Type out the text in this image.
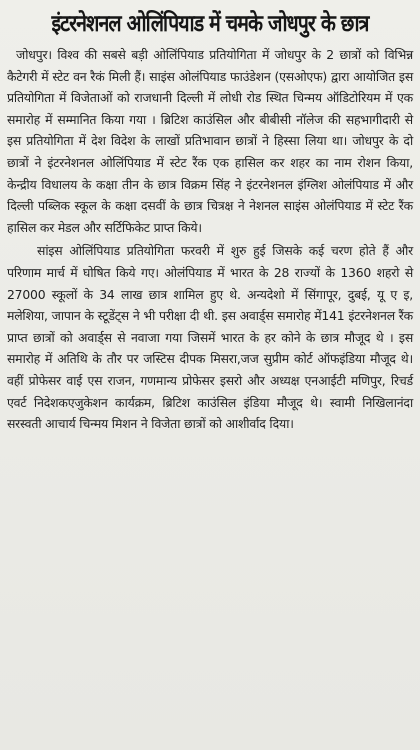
इंटरनेशनल ओलिंपियाड में चमके जोधपुर के छात्र

जोधपुर। विश्व की सबसे बड़ी ओलिंपियाड प्रतियोगिता में जोधपुर के 2 छात्रों को विभिन्न कैटेगरी में स्टेट वन रैकं मिली हैं। साइंस ओलंपियाड फाउंडेशन (एसओएफ) द्वारा आयोजित इस प्रतियोगिता में विजेताओं को राजधानी दिल्ली में लोधी रोड स्थित चिन्मय ऑडिटोरियम में एक समारोह में सम्मानित किया गया । ब्रिटिश काउंसिल और बीबीसी नॉलेज की सहभागीदारी से इस प्रतियोगिता में देश विदेश के लाखों प्रतिभावान छात्रों ने हिस्सा लिया था। जोधपुर के दो छात्रों ने इंटरनेशनल ओलिंपियाड में स्टेट रैंक एक हासिल कर शहर का नाम रोशन किया, केन्द्रीय विधालय के कक्षा तीन के छात्र विक्रम सिंह ने इंटरनेशनल इंग्लिश ओलंपियाड में और दिल्ली पब्लिक स्कूल के कक्षा दसवीं के छात्र चित्रक्ष ने नेशनल साइंस ओलंपियाड में स्टेट रैंक हासिल कर मेडल और सर्टिफिकेट प्राप्त किये।

सांइस ओलिंपियाड प्रतियोगिता फरवरी में शुरु हुई जिसके कई चरण होते हैं और परिणाम मार्च में घोषित किये गए। ओलंपियाड में भारत के 28 राज्यों के 1360 शहरो से 27000 स्कूलों के 34 लाख छात्र शामिल हुए थे. अन्यदेशो में सिंगापूर, दुबई, यू ए इ, मलेशिया, जापान के स्टूडेंट्स ने भी परीक्षा दी थी. इस अवार्ड्स समारोह में141 इंटरनेशनल रैंक प्राप्त छात्रों को अवार्ड्स से नवाजा गया जिसमें भारत के हर कोने के छात्र मौजूद थे । इस समारोह में अतिथि के तौर पर जस्टिस दीपक मिसरा,जज सुप्रीम कोर्ट ऑफइंडिया मौजूद थे। वहीं प्रोफेसर वाई एस राजन, गणमान्य प्रोफेसर इसरो और अध्यक्ष एनआईटी मणिपुर, रिचर्ड एवर्ट निदेशकएजुकेशन कार्यक्रम, ब्रिटिश काउंसिल इंडिया मौजूद थे। स्वामी निखिलानंदा सरस्वती आचार्य चिन्मय मिशन ने विजेता छात्रों को आशीर्वाद दिया।
